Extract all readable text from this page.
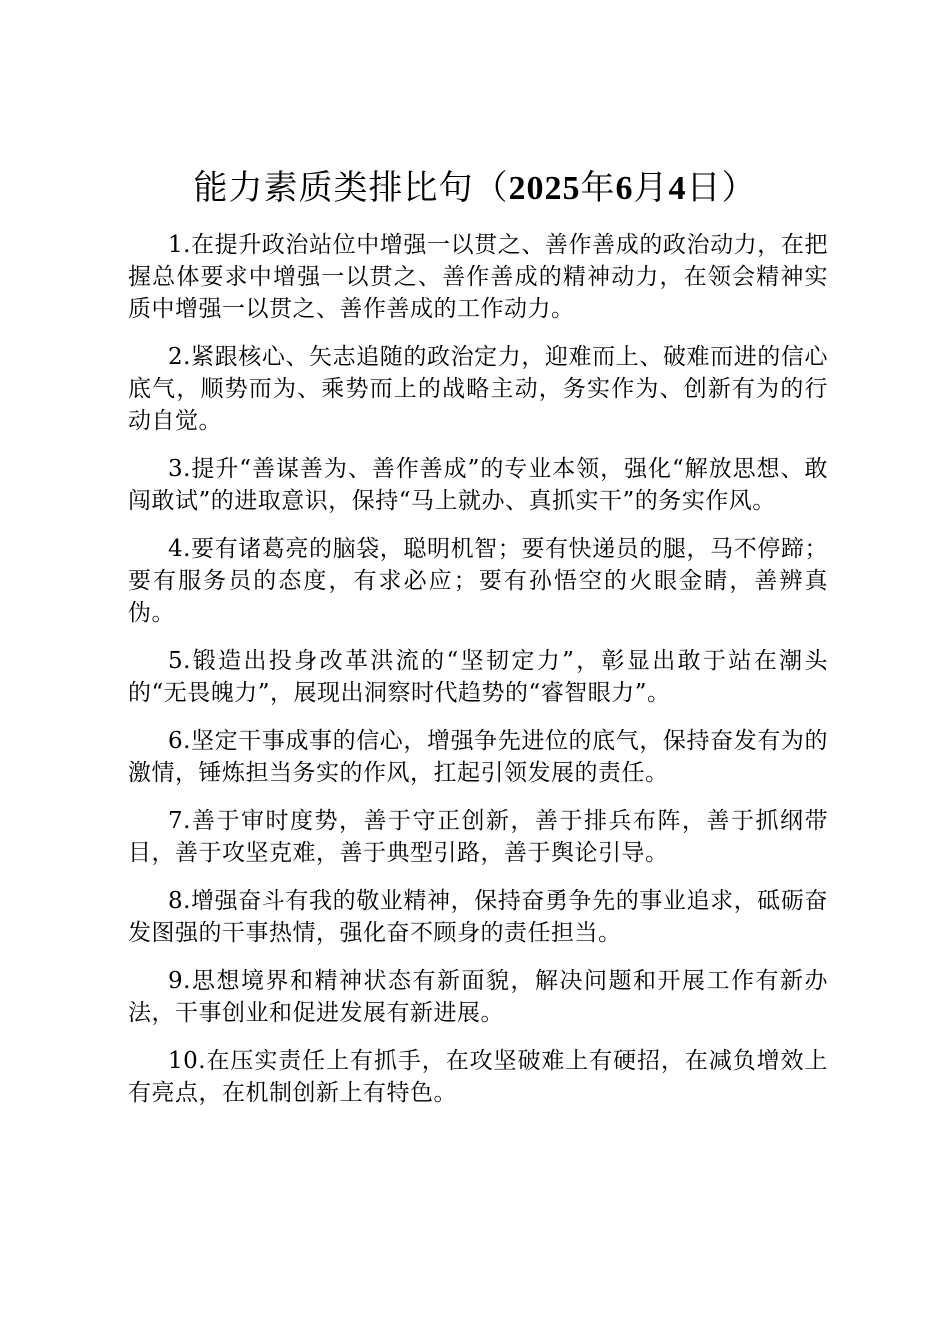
能力素质类排比句（2025年6月4日）

1.在提升政治站位中增强一以贯之、善作善成的政治动力，在把握总体要求中增强一以贯之、善作善成的精神动力，在领会精神实质中增强一以贯之、善作善成的工作动力。

2.紧跟核心、矢志追随的政治定力，迎难而上、破难而进的信心底气，顺势而为、乘势而上的战略主动，务实作为、创新有为的行动自觉。

3.提升“善谋善为、善作善成”的专业本领，强化“解放思想、敢闯敢试”的进取意识，保持“马上就办、真抓实干”的务实作风。

4.要有诸葛亮的脑袋，聪明机智；要有快递员的腿，马不停蹄；要有服务员的态度，有求必应；要有孙悟空的火眼金睛，善辨真伪。

5.锻造出投身改革洪流的“坚韧定力”，彰显出敢于站在潮头的“无畏魄力”，展现出洞察时代趋势的“睿智眼力”。

6.坚定干事成事的信心，增强争先进位的底气，保持奋发有为的激情，锤炼担当务实的作风，扛起引领发展的责任。

7.善于审时度势，善于守正创新，善于排兵布阵，善于抓纲带目，善于攻坚克难，善于典型引路，善于舆论引导。

8.增强奋斗有我的敬业精神，保持奋勇争先的事业追求，砥砺奋发图强的干事热情，强化奋不顾身的责任担当。

9.思想境界和精神状态有新面貌，解决问题和开展工作有新办法，干事创业和促进发展有新进展。

10.在压实责任上有抓手，在攻坚破难上有硬招，在减负增效上有亮点，在机制创新上有特色。
